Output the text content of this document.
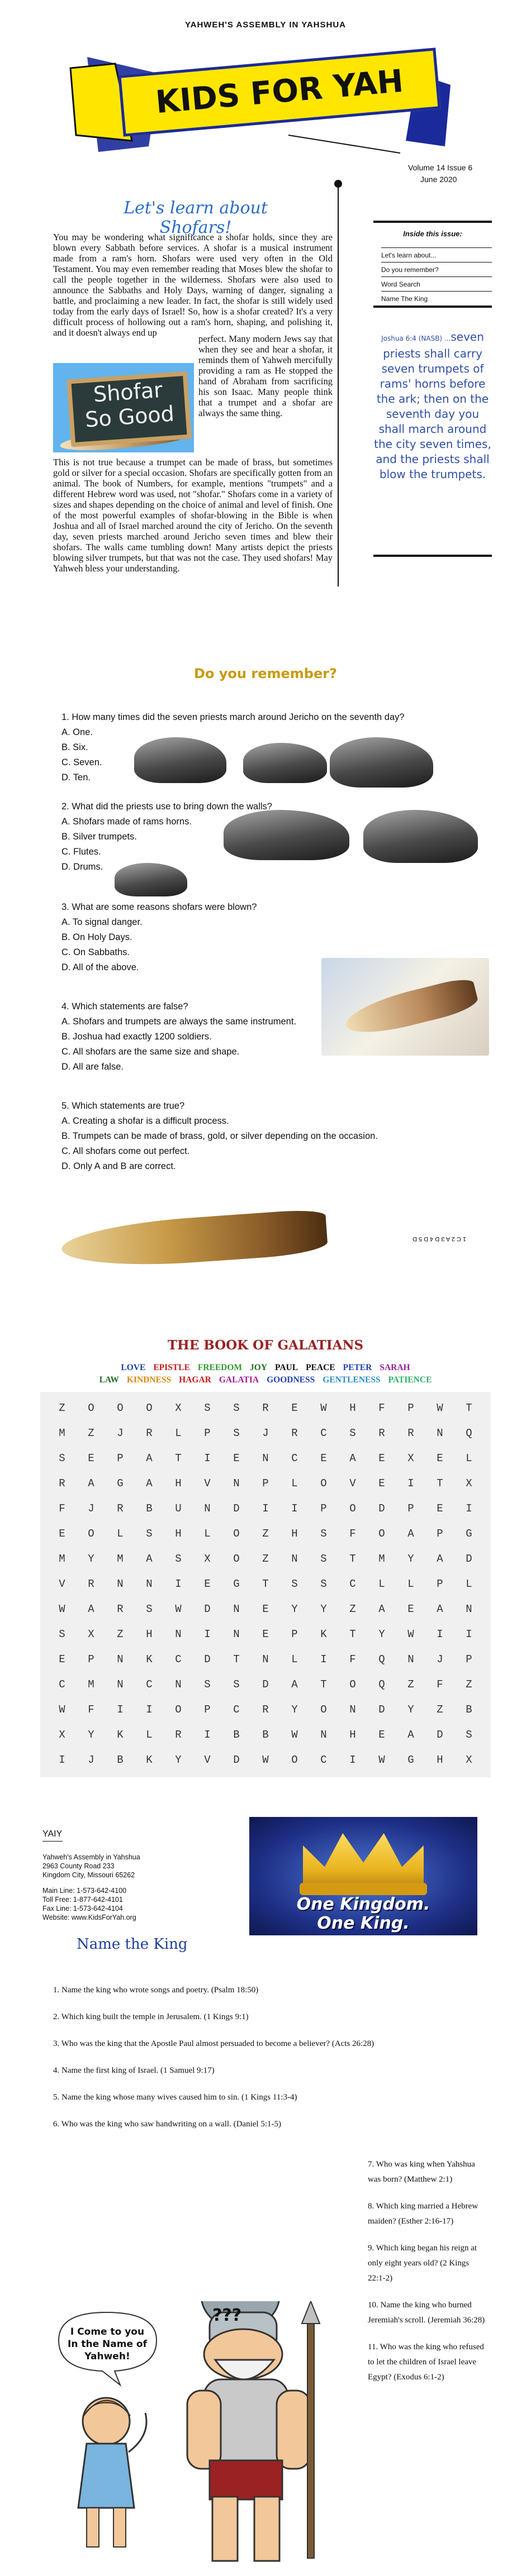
YAHWEH'S ASSEMBLY IN YAHSHUA
KIDS FOR YAH
Volume 14 Issue 6
June 2020
Let's learn about Shofars!
You may be wondering what significance a shofar holds, since they are blown every Sabbath before services. A shofar is a musical instrument made from a ram's horn. Shofars were used very often in the Old Testament. You may even remember reading that Moses blew the shofar to call the people together in the wilderness. Shofars were also used to announce the Sabbaths and Holy Days, warning of danger, signaling a battle, and proclaiming a new leader. In fact, the shofar is still widely used today from the early days of Israel! So, how is a shofar created? It's a very difficult process of hollowing out a ram's horn, shaping, and polishing it, and it doesn't always end up
Shofar
So Good
perfect. Many modern Jews say that when they see and hear a shofar, it reminds them of Yahweh mercifully providing a ram as He stopped the hand of Abraham from sacrificing his son Isaac. Many people think that a trumpet and a shofar are always the same thing.
This is not true because a trumpet can be made of brass, but sometimes gold or silver for a special occasion. Shofars are specifically gotten from an animal. The book of Numbers, for example, mentions "trumpets" and a different Hebrew word was used, not "shofar." Shofars come in a variety of sizes and shapes depending on the choice of animal and level of finish. One of the most powerful examples of shofar-blowing in the Bible is when Joshua and all of Israel marched around the city of Jericho. On the seventh day, seven priests marched around Jericho seven times and blew their shofars. The walls came tumbling down! Many artists depict the priests blowing silver trumpets, but that was not the case. They used shofars! May Yahweh bless your understanding.
Inside this issue:
Let's learn about...
Do you remember?
Word Search
Name The King
Joshua 6:4 (NASB) ...seven priests shall carry seven trumpets of rams' horns before the ark; then on the seventh day you shall march around the city seven times, and the priests shall blow the trumpets.
Do you remember?
1. How many times did the seven priests march around Jericho on the seventh day?
A. One.
B. Six.
C. Seven.
D. Ten.
2. What did the priests use to bring down the walls?
A. Shofars made of rams horns.
B. Silver trumpets.
C. Flutes.
D. Drums.
3. What are some reasons shofars were blown?
A. To signal danger.
B. On Holy Days.
C. On Sabbaths.
D. All of the above.
4. Which statements are false?
A. Shofars and trumpets are always the same instrument.
B. Joshua had exactly 1200 soldiers.
C. All shofars are the same size and shape.
D. All are false.
5. Which statements are true?
A. Creating a shofar is a difficult process.
B. Trumpets can be made of brass, gold, or silver depending on the occasion.
C. All shofars come out perfect.
D. Only A and B are correct.
1 C 2 A 3 D 4 D 5 D
THE BOOK OF GALATIANS
LOVE EPISTLE FREEDOM JOY PAUL PEACE PETER SARAH
LAW KINDNESS HAGAR GALATIA GOODNESS GENTLENESS PATIENCE
Z	O	O	O	X	S	S	R	E	W	H	F	P	W	T
M	Z	J	R	L	P	S	J	R	C	S	R	R	N	Q
S	E	P	A	T	I	E	N	C	E	A	E	X	E	L
R	A	G	A	H	V	N	P	L	O	V	E	I	T	X
F	J	R	B	U	N	D	I	I	P	O	D	P	E	I
E	O	L	S	H	L	O	Z	H	S	F	O	A	P	G
M	Y	M	A	S	X	O	Z	N	S	T	M	Y	A	D
V	R	N	N	I	E	G	T	S	S	C	L	L	P	L
W	A	R	S	W	D	N	E	Y	Y	Z	A	E	A	N
S	X	Z	H	N	I	N	E	P	K	T	Y	W	I	I
E	P	N	K	C	D	T	N	L	I	F	Q	N	J	P
C	M	N	C	N	S	S	D	A	T	O	Q	Z	F	Z
W	F	I	I	O	P	C	R	Y	O	N	D	Y	Z	B
X	Y	K	L	R	I	B	B	W	N	H	E	A	D	S
I	J	B	K	Y	V	D	W	O	C	I	W	G	H	X
YAIY
Yahweh's Assembly in Yahshua
2963 County Road 233
Kingdom City, Missouri 65262
Main Line: 1-573-642-4100
Toll Free: 1-877-642-4101
Fax Line: 1-573-642-4104
Website: www.KidsForYah.org
One Kingdom.
One King.
Name the King
1. Name the king who wrote songs and poetry. (Psalm 18:50)
2. Which king built the temple in Jerusalem. (1 Kings 9:1)
3. Who was the king that the Apostle Paul almost persuaded to become a believer? (Acts 26:28)
4. Name the first king of Israel. (1 Samuel 9:17)
5. Name the king whose many wives caused him to sin. (1 Kings 11:3-4)
6. Who was the king who saw handwriting on a wall. (Daniel 5:1-5)
7. Who was king when Yahshua was born? (Matthew 2:1)
8. Which king married a Hebrew maiden? (Esther 2:16-17)
9. Which king began his reign at only eight years old? (2 Kings 22:1-2)
10. Name the king who burned Jeremiah's scroll. (Jeremiah 36:28)
11. Who was the king who refused to let the children of Israel leave Egypt? (Exodus 6:1-2)
???
I Come to you
In the Name of
Yahweh!
